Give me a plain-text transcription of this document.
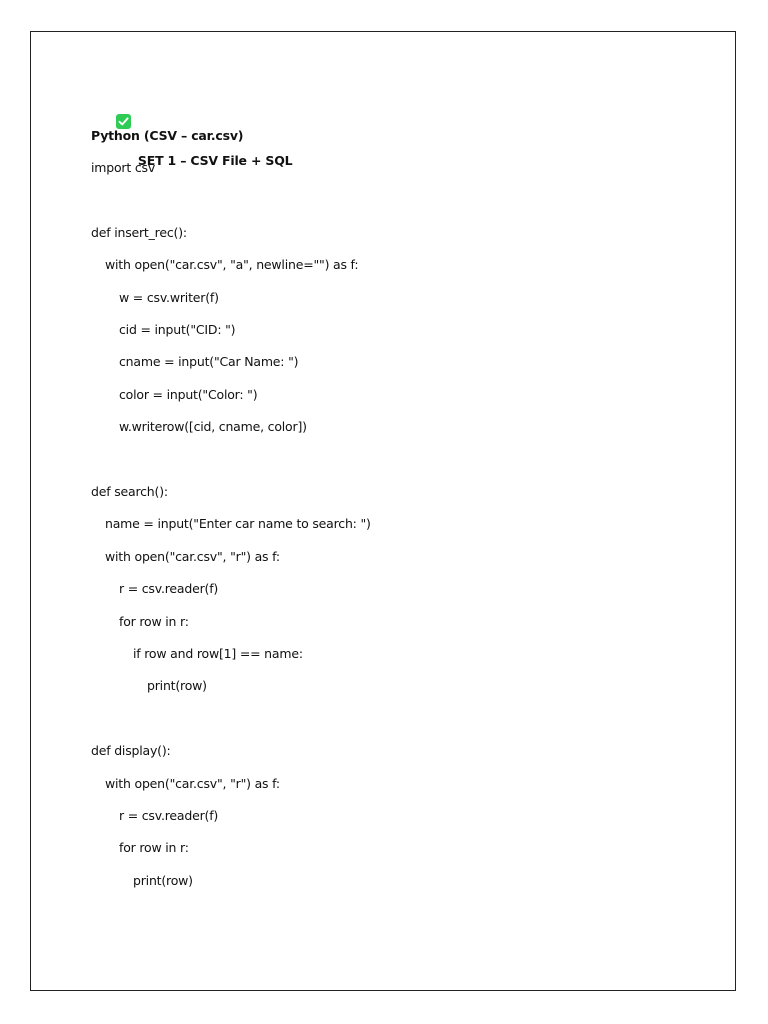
SET 1 – CSV File + SQL

Python (CSV – car.csv)
import csv
def insert_rec():
with open("car.csv", "a", newline="") as f:
w = csv.writer(f)
cid = input("CID: ")
cname = input("Car Name: ")
color = input("Color: ")
w.writerow([cid, cname, color])
def search():
name = input("Enter car name to search: ")
with open("car.csv", "r") as f:
r = csv.reader(f)
for row in r:
if row and row[1] == name:
print(row)
def display():
with open("car.csv", "r") as f:
r = csv.reader(f)
for row in r:
print(row)
